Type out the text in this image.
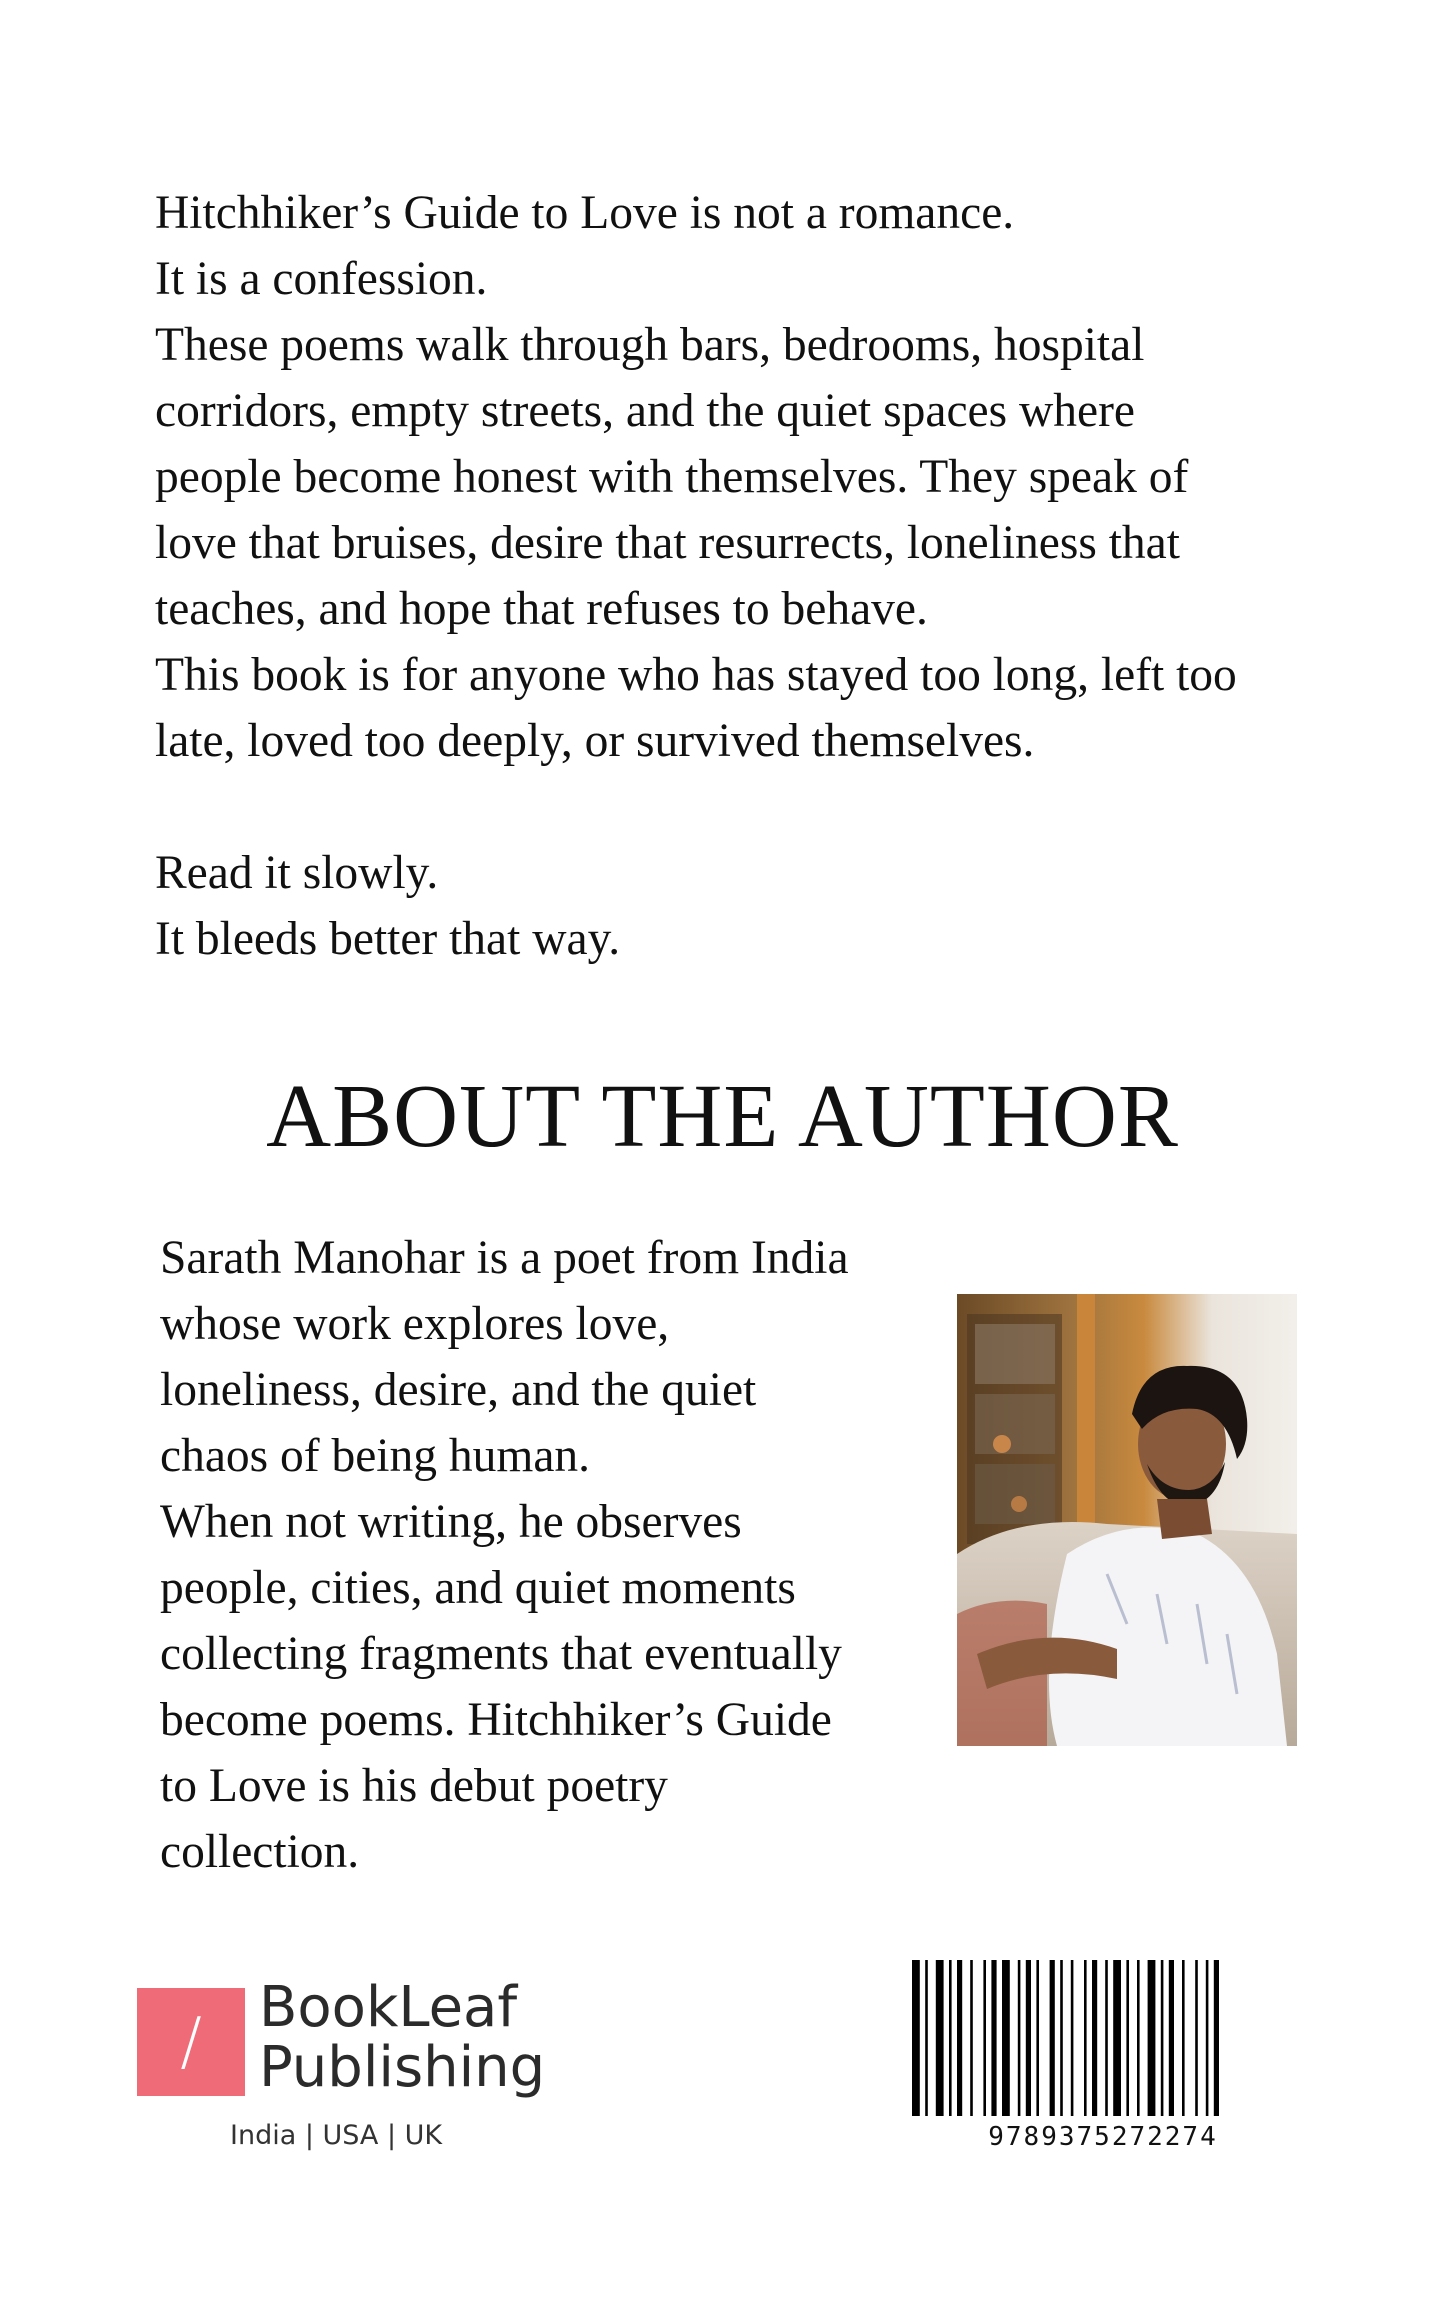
Hitchhiker’s Guide to Love is not a romance.

It is a confession.

These poems walk through bars, bedrooms, hospital

corridors, empty streets, and the quiet spaces where

people become honest with themselves. They speak of

love that bruises, desire that resurrects, loneliness that

teaches, and hope that refuses to behave.

This book is for anyone who has stayed too long, left too

late, loved too deeply, or survived themselves.

Read it slowly.

It bleeds better that way.

ABOUT THE AUTHOR

Sarath Manohar is a poet from India

whose work explores love,

loneliness, desire, and the quiet

chaos of being human.

When not writing, he observes

people, cities, and quiet moments

collecting fragments that eventually

become poems. Hitchhiker’s Guide

to Love is his debut poetry

collection.

/	BookLeaf
Publishing
India | USA | UK	9789375272274
